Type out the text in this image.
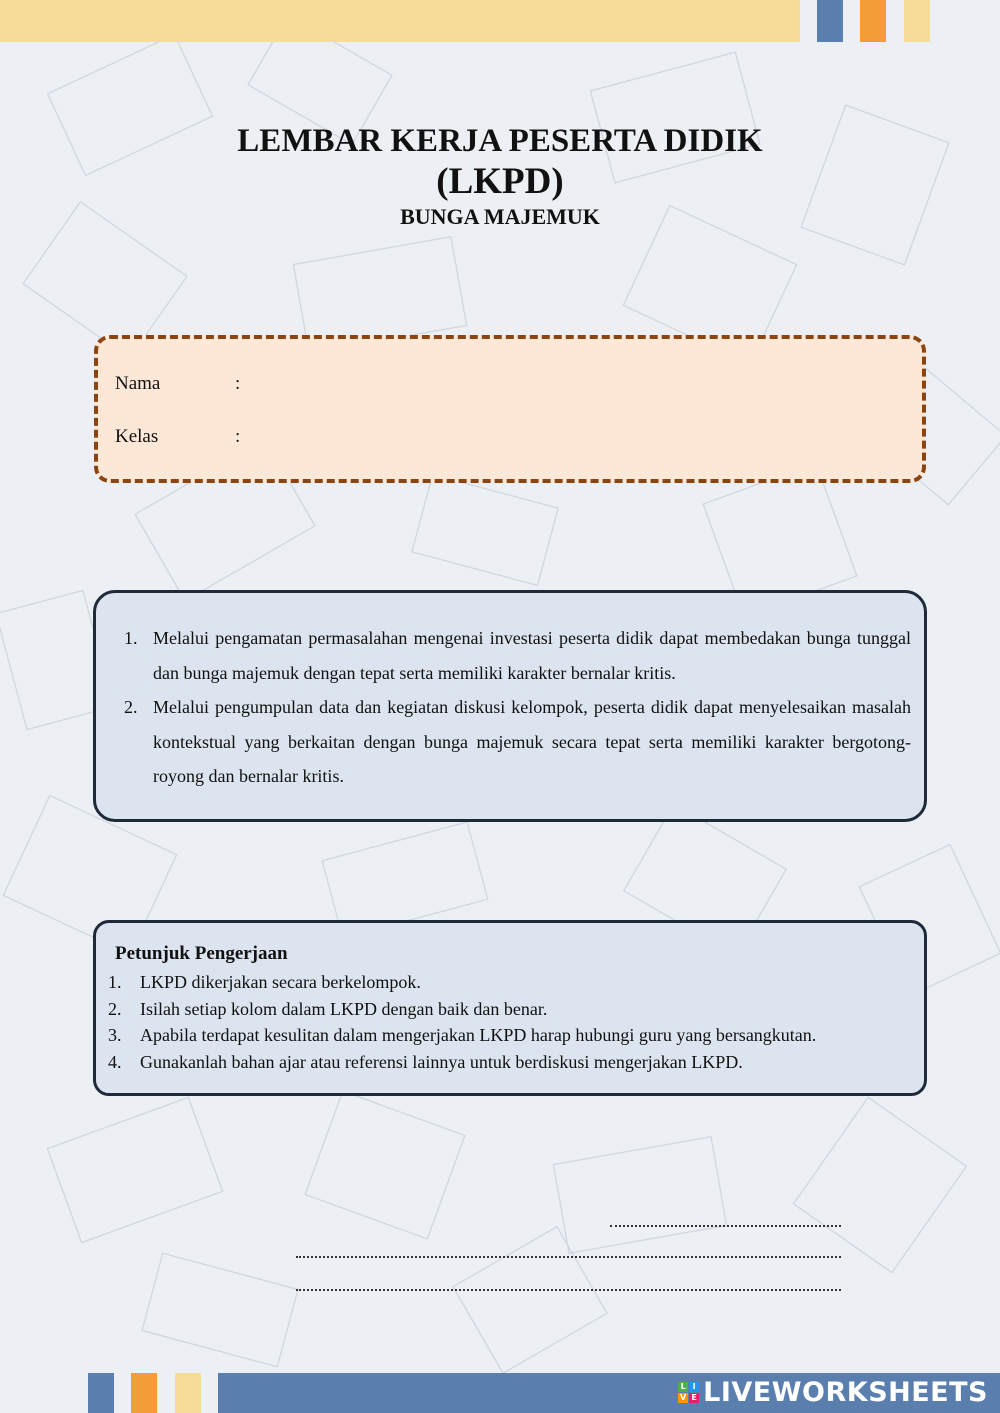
LEMBAR KERJA PESERTA DIDIK
(LKPD)
BUNGA MAJEMUK
Nama	:
Kelas	:
1. Melalui pengamatan permasalahan mengenai investasi peserta didik dapat membedakan bunga tunggal dan bunga majemuk dengan tepat serta memiliki karakter bernalar kritis.
2. Melalui pengumpulan data dan kegiatan diskusi kelompok, peserta didik dapat menyelesaikan masalah kontekstual yang berkaitan dengan bunga majemuk secara tepat serta memiliki karakter bergotong-royong dan bernalar kritis.
Petunjuk Pengerjaan
1.	LKPD dikerjakan secara berkelompok.
2.	Isilah setiap kolom dalam LKPD dengan baik dan benar.
3.	Apabila terdapat kesulitan dalam mengerjakan LKPD harap hubungi guru yang bersangkutan.
4.	Gunakanlah bahan ajar atau referensi lainnya untuk berdiskusi mengerjakan LKPD.
L I
V E LIVEWORKSHEETS
